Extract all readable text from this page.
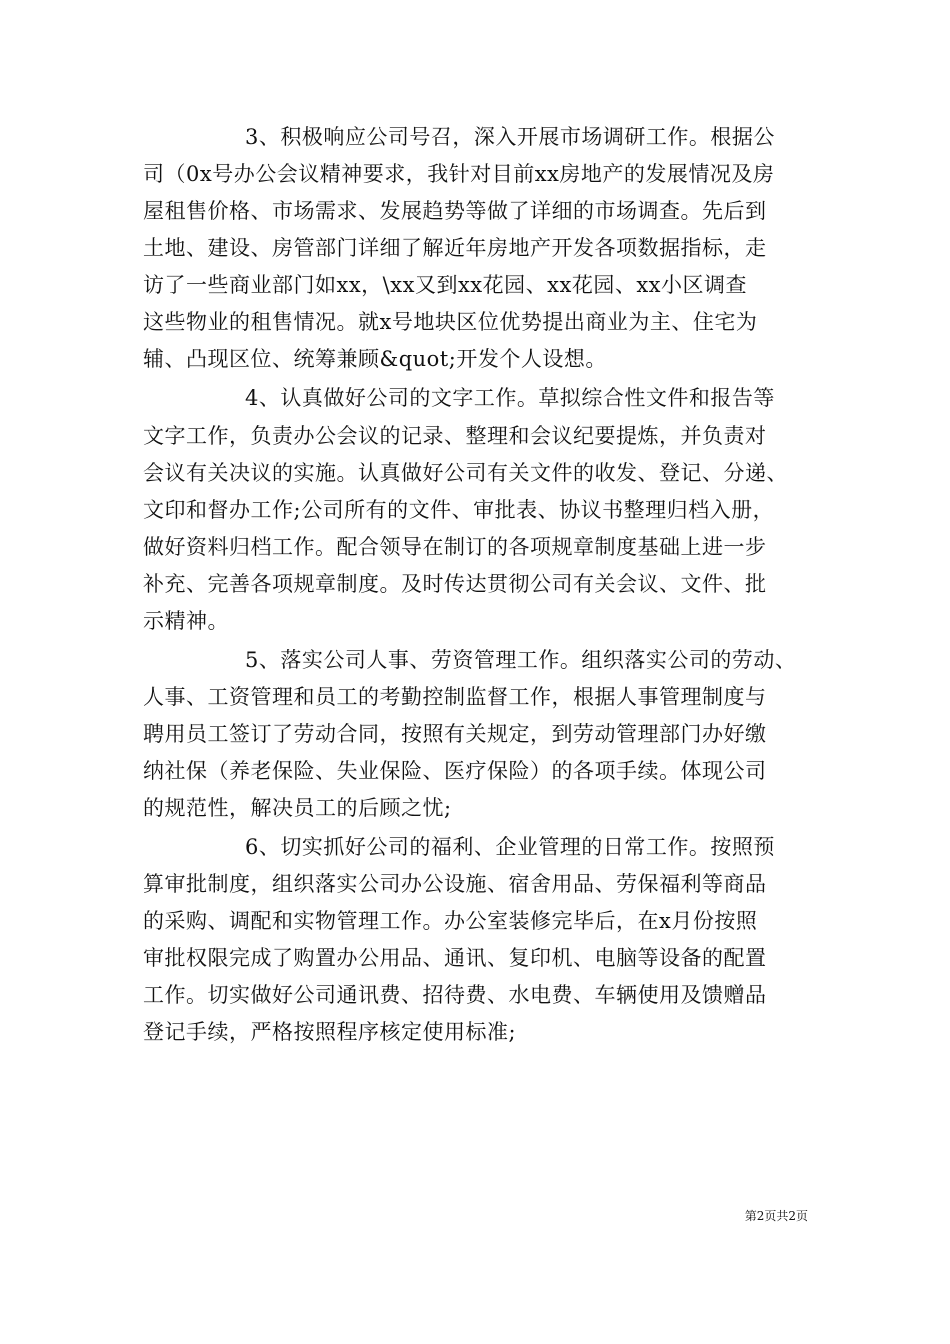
3、积极响应公司号召，深入开展市场调研工作。根据公
司（0x号办公会议精神要求，我针对目前xx房地产的发展情况及房
屋租售价格、市场需求、发展趋势等做了详细的市场调查。先后到
土地、建设、房管部门详细了解近年房地产开发各项数据指标，走
访了一些商业部门如xx，\xx又到xx花园、xx花园、xx小区调查
这些物业的租售情况。就x号地块区位优势提出商业为主、住宅为
辅、凸现区位、统筹兼顾&quot;开发个人设想。
4、认真做好公司的文字工作。草拟综合性文件和报告等
文字工作，负责办公会议的记录、整理和会议纪要提炼，并负责对
会议有关决议的实施。认真做好公司有关文件的收发、登记、分递、
文印和督办工作;公司所有的文件、审批表、协议书整理归档入册，
做好资料归档工作。配合领导在制订的各项规章制度基础上进一步
补充、完善各项规章制度。及时传达贯彻公司有关会议、文件、批
示精神。
5、落实公司人事、劳资管理工作。组织落实公司的劳动、
人事、工资管理和员工的考勤控制监督工作，根据人事管理制度与
聘用员工签订了劳动合同，按照有关规定，到劳动管理部门办好缴
纳社保（养老保险、失业保险、医疗保险）的各项手续。体现公司
的规范性，解决员工的后顾之忧;
6、切实抓好公司的福利、企业管理的日常工作。按照预
算审批制度，组织落实公司办公设施、宿舍用品、劳保福利等商品
的采购、调配和实物管理工作。办公室装修完毕后，在x月份按照
审批权限完成了购置办公用品、通讯、复印机、电脑等设备的配置
工作。切实做好公司通讯费、招待费、水电费、车辆使用及馈赠品
登记手续，严格按照程序核定使用标准;
第2页共2页
